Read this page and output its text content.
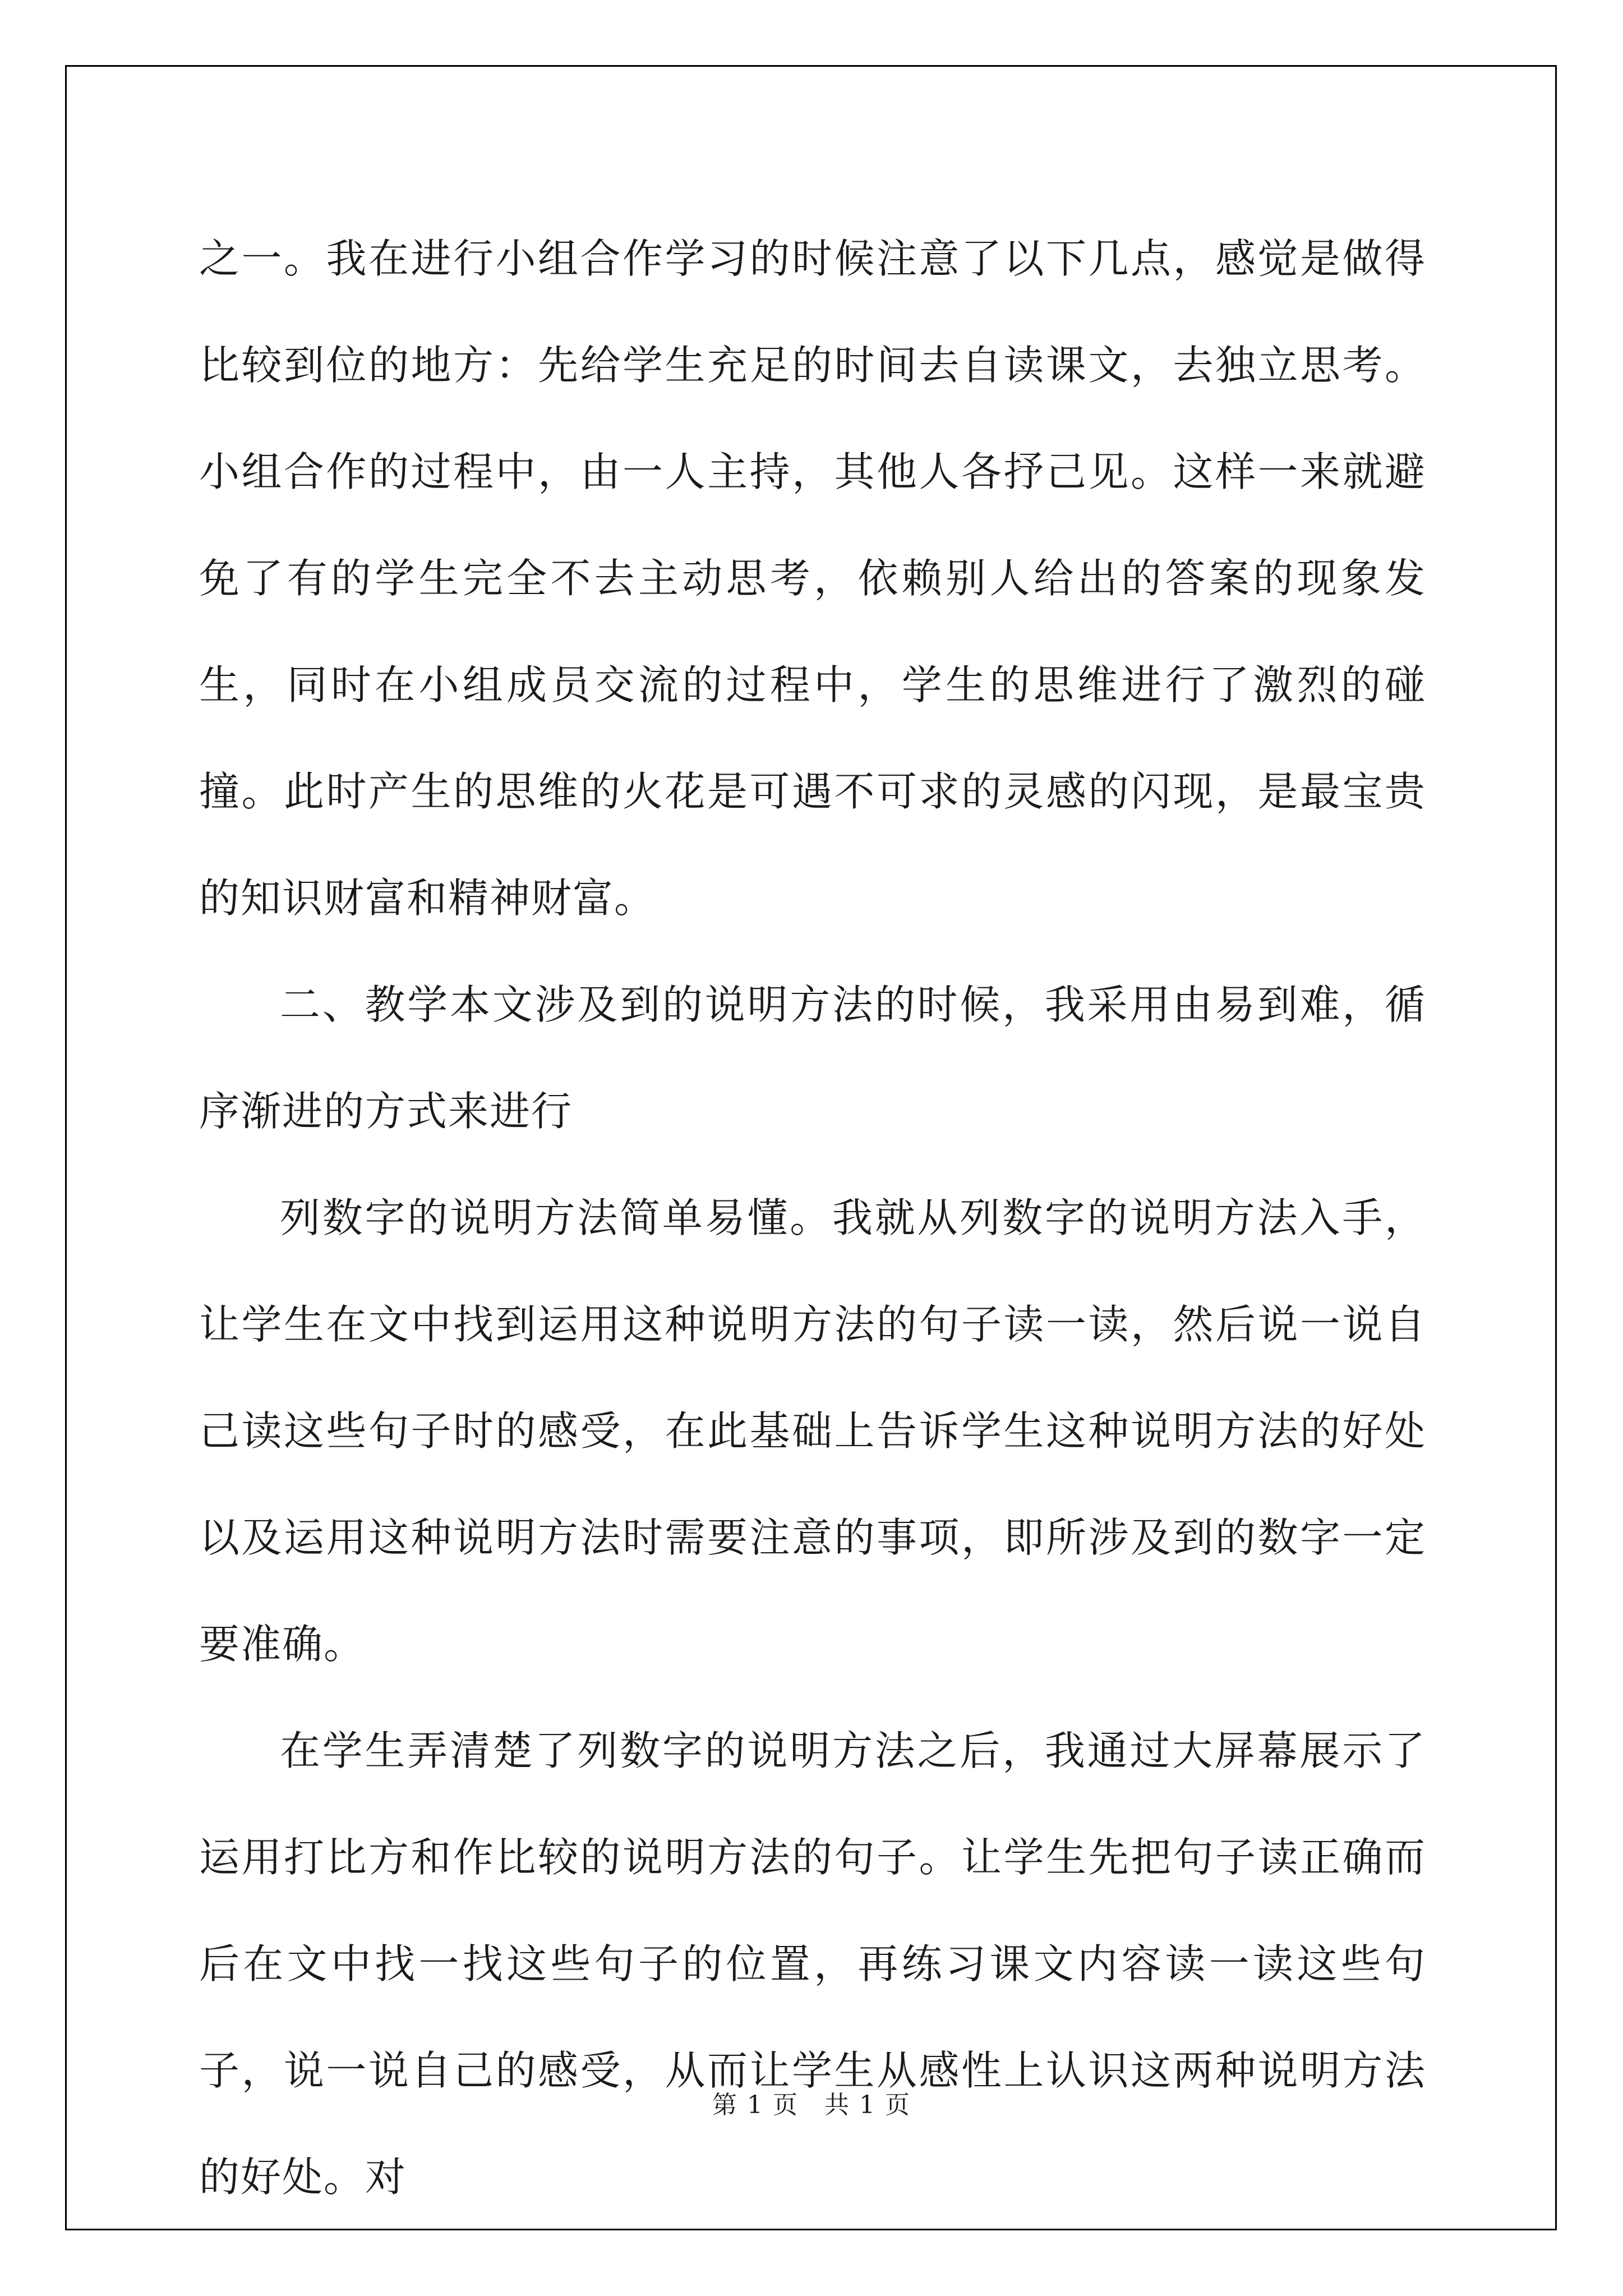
之一。我在进行小组合作学习的时候注意了以下几点，感觉是做得比较到位的地方：先给学生充足的时间去自读课文，去独立思考。小组合作的过程中，由一人主持，其他人各抒己见。这样一来就避免了有的学生完全不去主动思考，依赖别人给出的答案的现象发生，同时在小组成员交流的过程中，学生的思维进行了激烈的碰撞。此时产生的思维的火花是可遇不可求的灵感的闪现，是最宝贵的知识财富和精神财富。

二、教学本文涉及到的说明方法的时候，我采用由易到难，循序渐进的方式来进行

列数字的说明方法简单易懂。我就从列数字的说明方法入手，让学生在文中找到运用这种说明方法的句子读一读，然后说一说自己读这些句子时的感受，在此基础上告诉学生这种说明方法的好处以及运用这种说明方法时需要注意的事项，即所涉及到的数字一定要准确。

在学生弄清楚了列数字的说明方法之后，我通过大屏幕展示了运用打比方和作比较的说明方法的句子。让学生先把句子读正确而后在文中找一找这些句子的位置，再练习课文内容读一读这些句子，说一说自己的感受，从而让学生从感性上认识这两种说明方法的好处。对

第 1 页　共 1 页
